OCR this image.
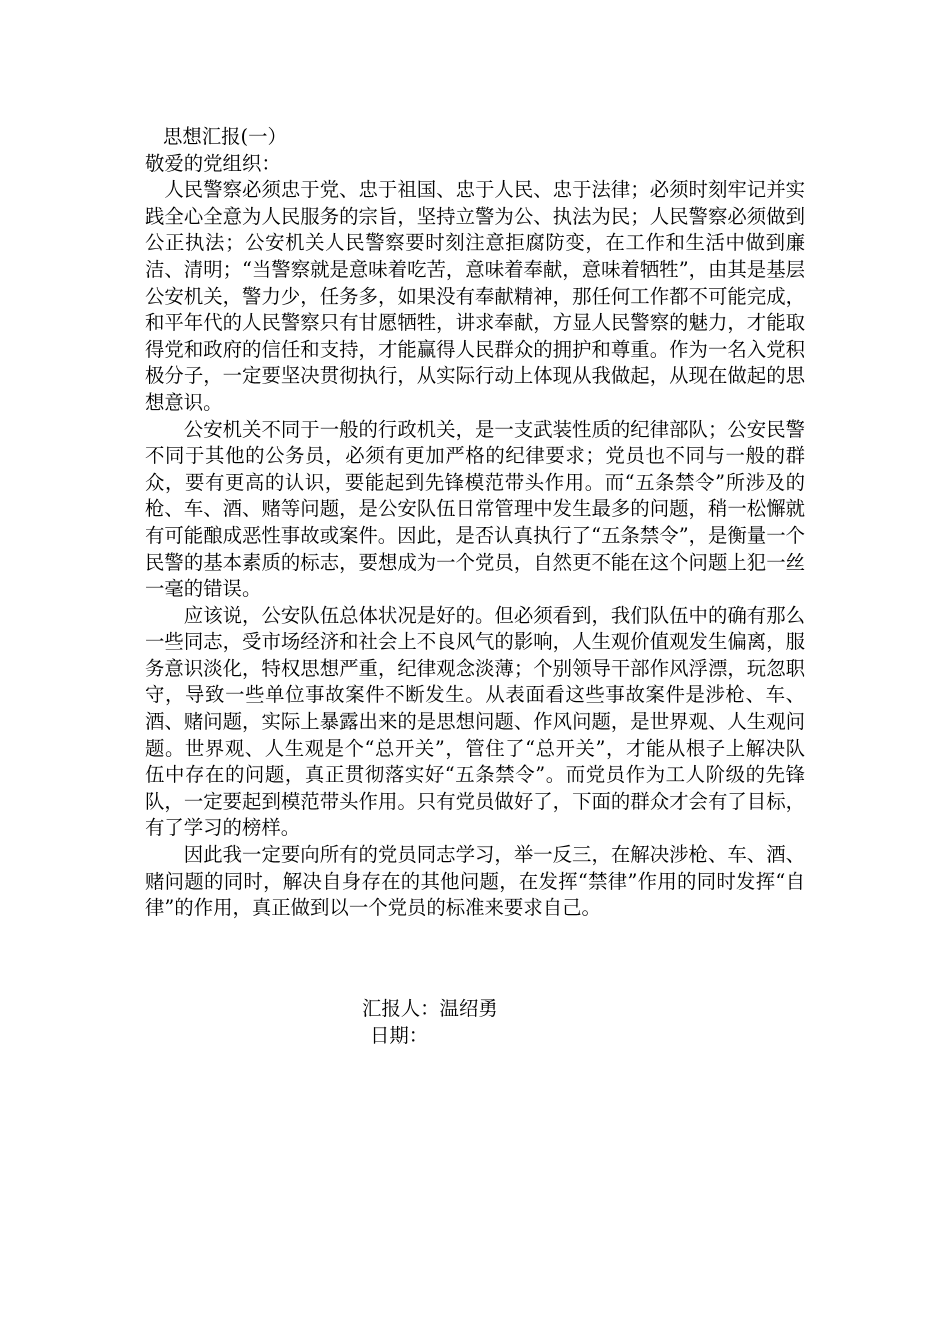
思想汇报(一）

敬爱的党组织：

人民警察必须忠于党、忠于祖国、忠于人民、忠于法律；必须时刻牢记并实践全心全意为人民服务的宗旨，坚持立警为公、执法为民；人民警察必须做到公正执法；公安机关人民警察要时刻注意拒腐防变，在工作和生活中做到廉洁、清明；“当警察就是意味着吃苦，意味着奉献，意味着牺牲”，由其是基层公安机关，警力少，任务多，如果没有奉献精神，那任何工作都不可能完成，和平年代的人民警察只有甘愿牺牲，讲求奉献，方显人民警察的魅力，才能取得党和政府的信任和支持，才能赢得人民群众的拥护和尊重。作为一名入党积极分子，一定要坚决贯彻执行，从实际行动上体现从我做起，从现在做起的思想意识。

公安机关不同于一般的行政机关，是一支武装性质的纪律部队；公安民警不同于其他的公务员，必须有更加严格的纪律要求；党员也不同与一般的群众，要有更高的认识，要能起到先锋模范带头作用。而“五条禁令”所涉及的枪、车、酒、赌等问题，是公安队伍日常管理中发生最多的问题，稍一松懈就有可能酿成恶性事故或案件。因此，是否认真执行了“五条禁令”，是衡量一个民警的基本素质的标志，要想成为一个党员，自然更不能在这个问题上犯一丝一毫的错误。

应该说，公安队伍总体状况是好的。但必须看到，我们队伍中的确有那么一些同志，受市场经济和社会上不良风气的影响，人生观价值观发生偏离，服务意识淡化，特权思想严重，纪律观念淡薄；个别领导干部作风浮漂，玩忽职守，导致一些单位事故案件不断发生。从表面看这些事故案件是涉枪、车、酒、赌问题，实际上暴露出来的是思想问题、作风问题，是世界观、人生观问题。世界观、人生观是个“总开关”，管住了“总开关”，才能从根子上解决队伍中存在的问题，真正贯彻落实好“五条禁令”。而党员作为工人阶级的先锋队，一定要起到模范带头作用。只有党员做好了，下面的群众才会有了目标，有了学习的榜样。

因此我一定要向所有的党员同志学习，举一反三，在解决涉枪、车、酒、赌问题的同时，解决自身存在的其他问题，在发挥“禁律”作用的同时发挥“自律”的作用，真正做到以一个党员的标准来要求自己。

汇报人：温绍勇
日期：
